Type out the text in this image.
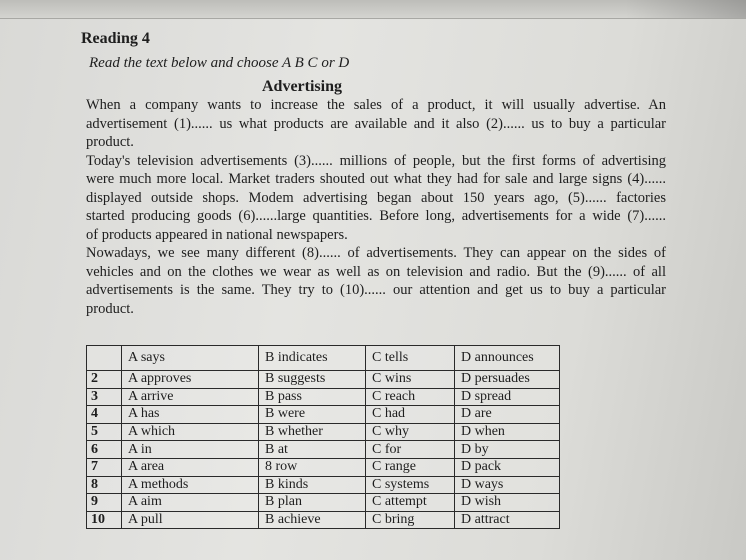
Reading 4
Read the text below and choose A B C or D
Advertising
When a company wants to increase the sales of a product, it will usually advertise. An
advertisement (1)...... us what products are available and it also (2)...... us to buy a particular
product.
Today's television advertisements (3)...... millions of people, but the first forms of advertising
were much more local. Market traders shouted out what they had for sale and large signs (4)......
displayed outside shops. Modem advertising began about 150 years ago, (5)...... factories
started producing goods (6)......large quantities. Before long, advertisements for a wide (7)......
of products appeared in national newspapers.
Nowadays, we see many different (8)...... of advertisements. They can appear on the sides of
vehicles and on the clothes we wear as well as on television and radio. But the (9)...... of all
advertisements is the same. They try to (10)...... our attention and get us to buy a particular
product.
	A says	B indicates	C tells	D announces
2	A approves	B suggests	C wins	D persuades
3	A arrive	B pass	C reach	D spread
4	A has	B were	C had	D are
5	A which	B whether	C why	D when
6	A in	B at	C for	D by
7	A area	8 row	C range	D pack
8	A methods	B kinds	C systems	D ways
9	A aim	B plan	C attempt	D wish
10	A pull	B achieve	C bring	D attract
